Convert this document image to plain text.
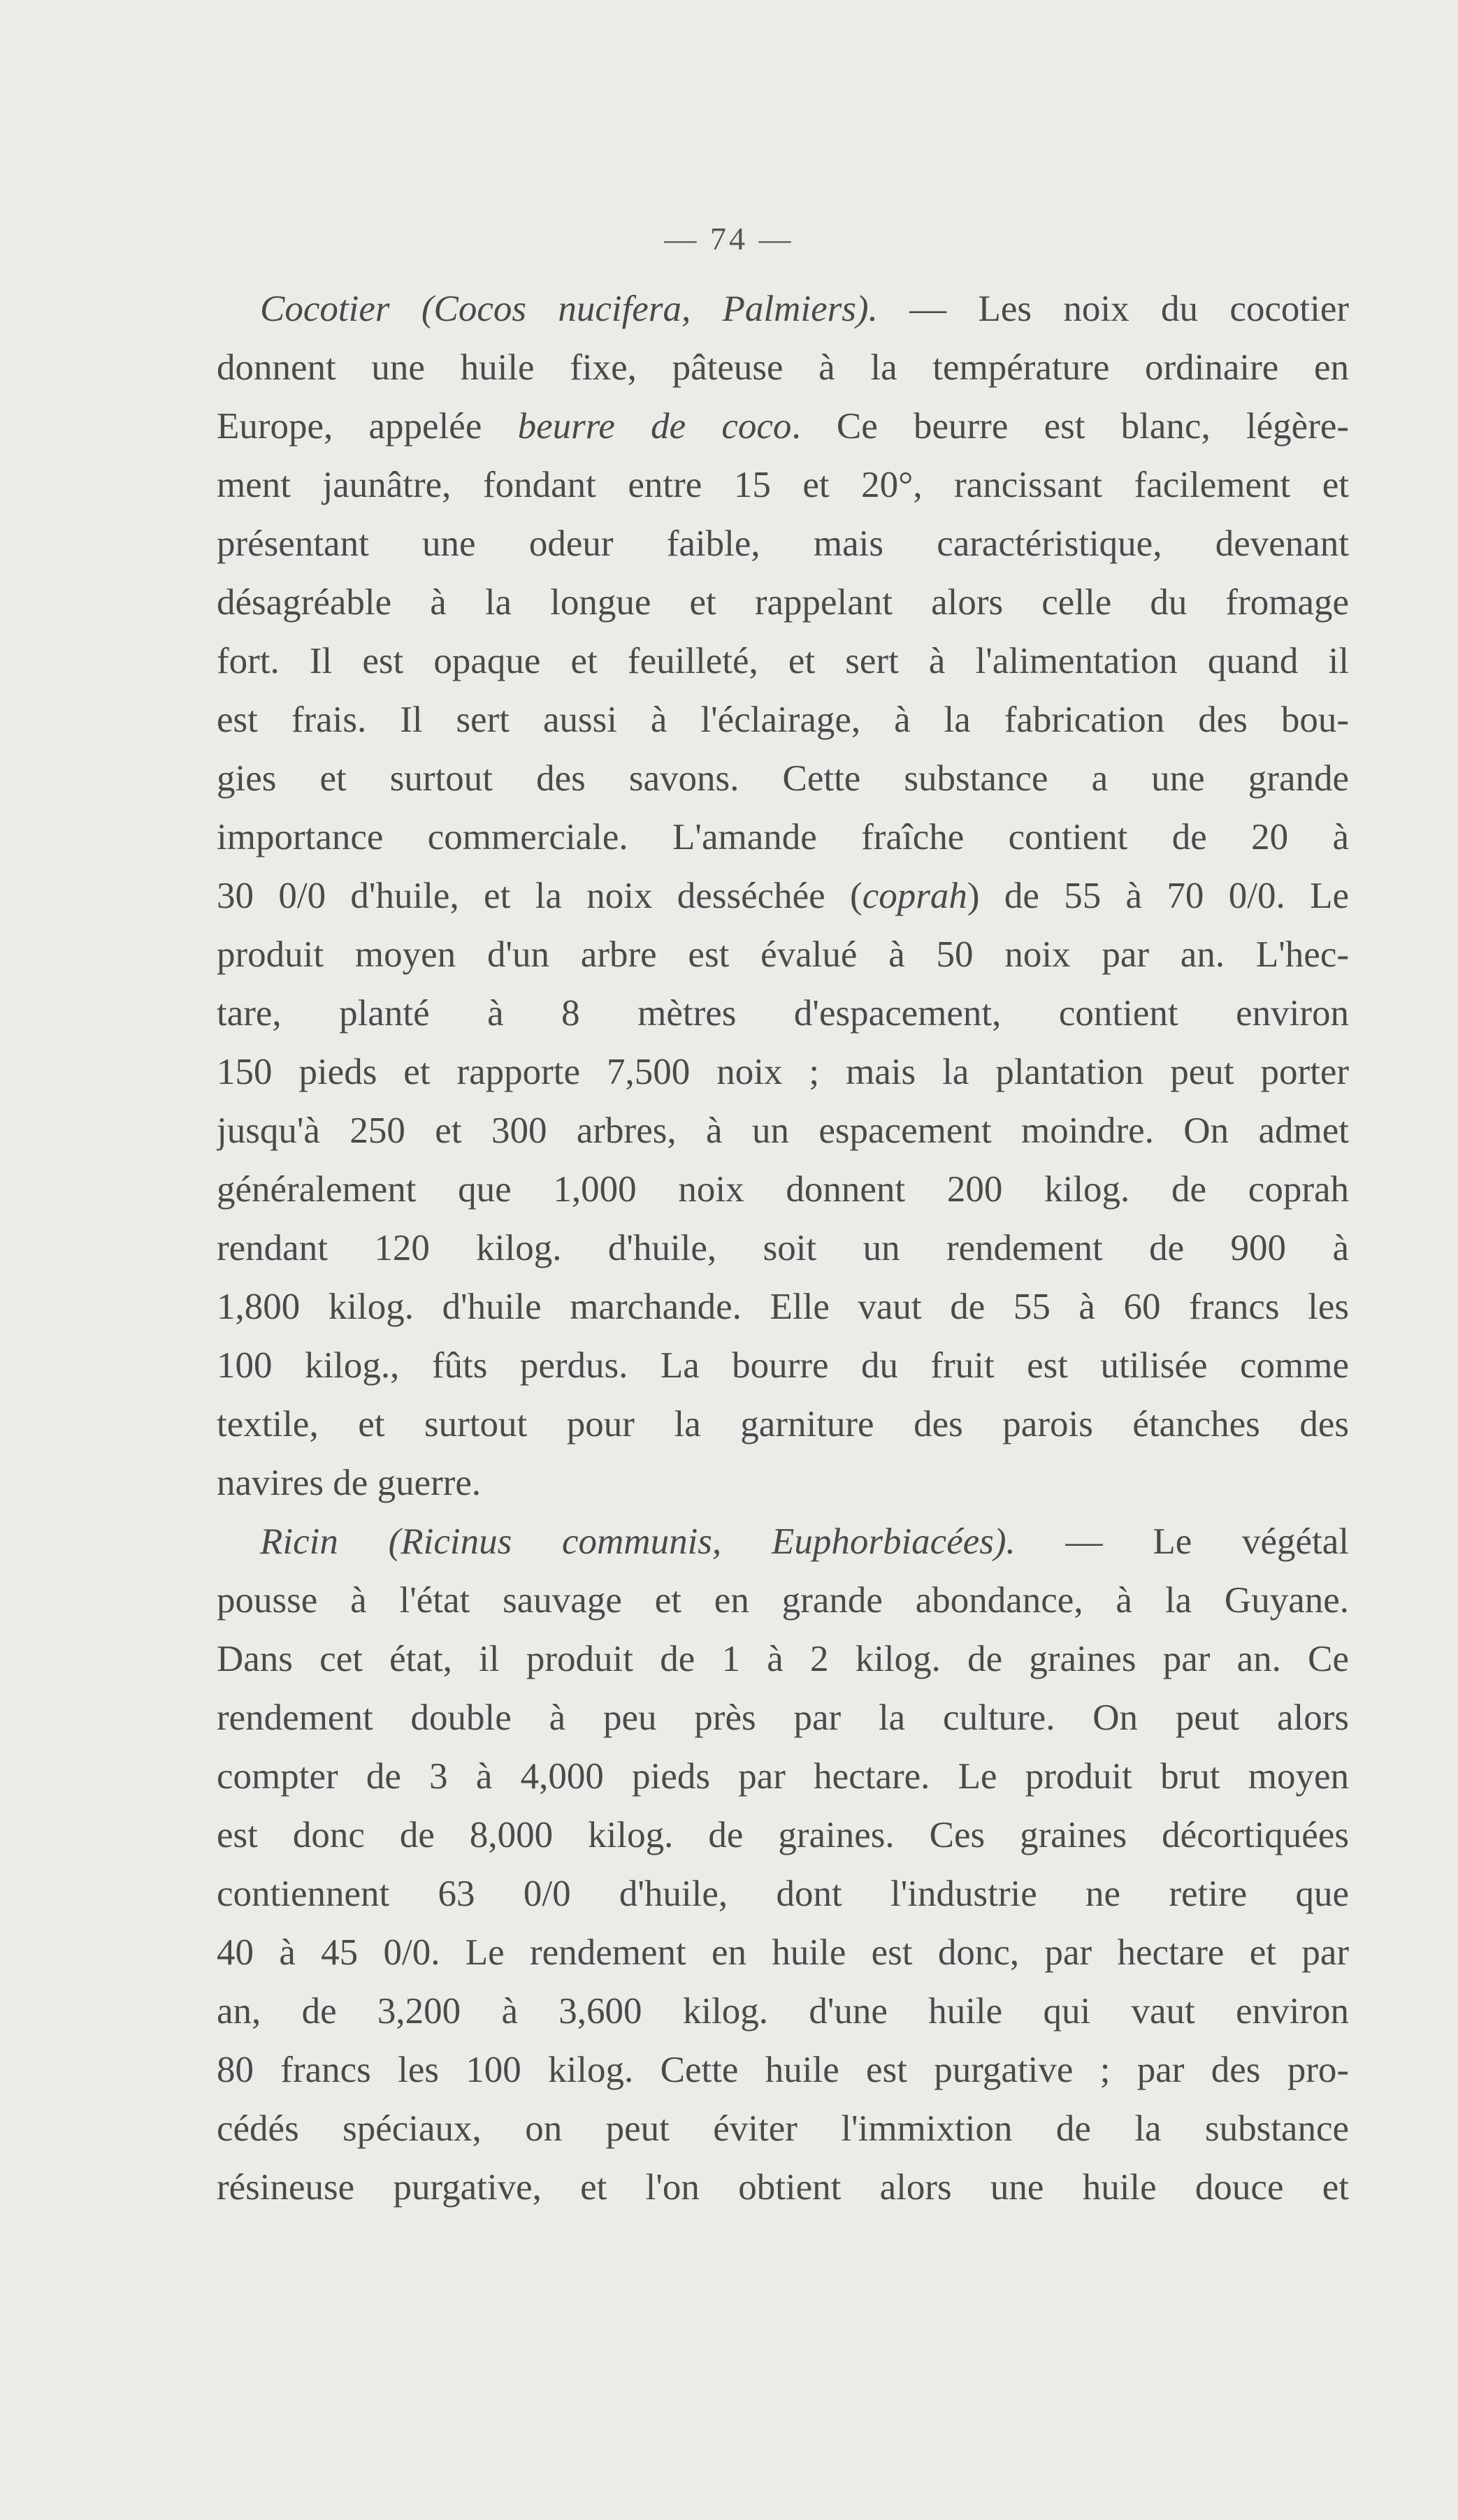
— 74 —
Cocotier (Cocos nucifera, Palmiers). — Les noix du cocotier
donnent une huile fixe, pâteuse à la température ordinaire en
Europe, appelée beurre de coco. Ce beurre est blanc, légère-
ment jaunâtre, fondant entre 15 et 20°, rancissant facilement et
présentant une odeur faible, mais caractéristique, devenant
désagréable à la longue et rappelant alors celle du fromage
fort. Il est opaque et feuilleté, et sert à l'alimentation quand il
est frais. Il sert aussi à l'éclairage, à la fabrication des bou-
gies et surtout des savons. Cette substance a une grande
importance commerciale. L'amande fraîche contient de 20 à
30 0/0 d'huile, et la noix desséchée (coprah) de 55 à 70 0/0. Le
produit moyen d'un arbre est évalué à 50 noix par an. L'hec-
tare, planté à 8 mètres d'espacement, contient environ
150 pieds et rapporte 7,500 noix ; mais la plantation peut porter
jusqu'à 250 et 300 arbres, à un espacement moindre. On admet
généralement que 1,000 noix donnent 200 kilog. de coprah
rendant 120 kilog. d'huile, soit un rendement de 900 à
1,800 kilog. d'huile marchande. Elle vaut de 55 à 60 francs les
100 kilog., fûts perdus. La bourre du fruit est utilisée comme
textile, et surtout pour la garniture des parois étanches des
navires de guerre.
Ricin (Ricinus communis, Euphorbiacées). — Le végétal
pousse à l'état sauvage et en grande abondance, à la Guyane.
Dans cet état, il produit de 1 à 2 kilog. de graines par an. Ce
rendement double à peu près par la culture. On peut alors
compter de 3 à 4,000 pieds par hectare. Le produit brut moyen
est donc de 8,000 kilog. de graines. Ces graines décortiquées
contiennent 63 0/0 d'huile, dont l'industrie ne retire que
40 à 45 0/0. Le rendement en huile est donc, par hectare et par
an, de 3,200 à 3,600 kilog. d'une huile qui vaut environ
80 francs les 100 kilog. Cette huile est purgative ; par des pro-
cédés spéciaux, on peut éviter l'immixtion de la substance
résineuse purgative, et l'on obtient alors une huile douce et
